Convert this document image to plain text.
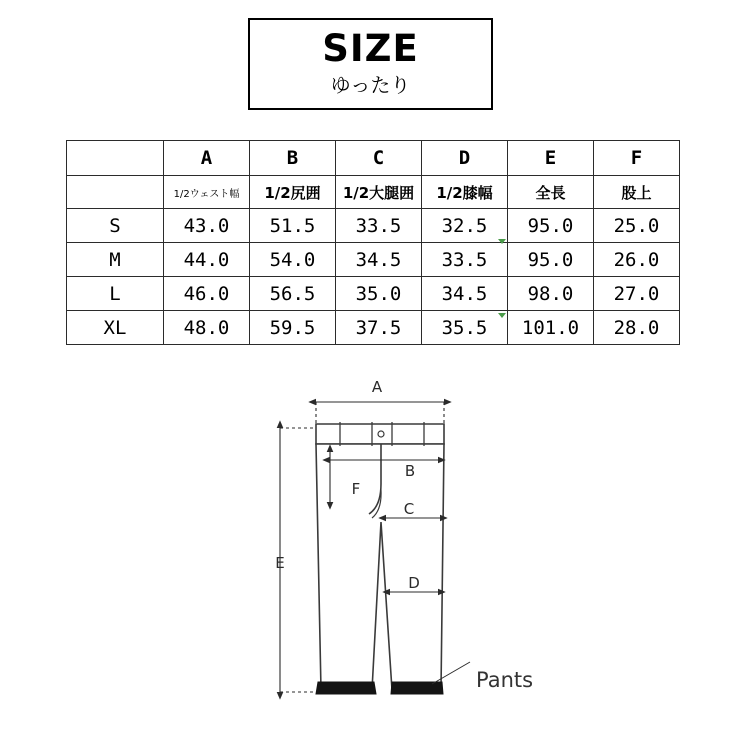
SIZE
ゆったり
	A	B	C	D	E	F
	1/2ウェスト幅	1/2尻囲	1/2大腿囲	1/2膝幅	全長	股上
S	43.0	51.5	33.5	32.5	95.0	25.0
M	44.0	54.0	34.5	33.5	95.0	26.0
L	46.0	56.5	35.0	34.5	98.0	27.0
XL	48.0	59.5	37.5	35.5	101.0	28.0
A
B
C
D
E
F
Pants
